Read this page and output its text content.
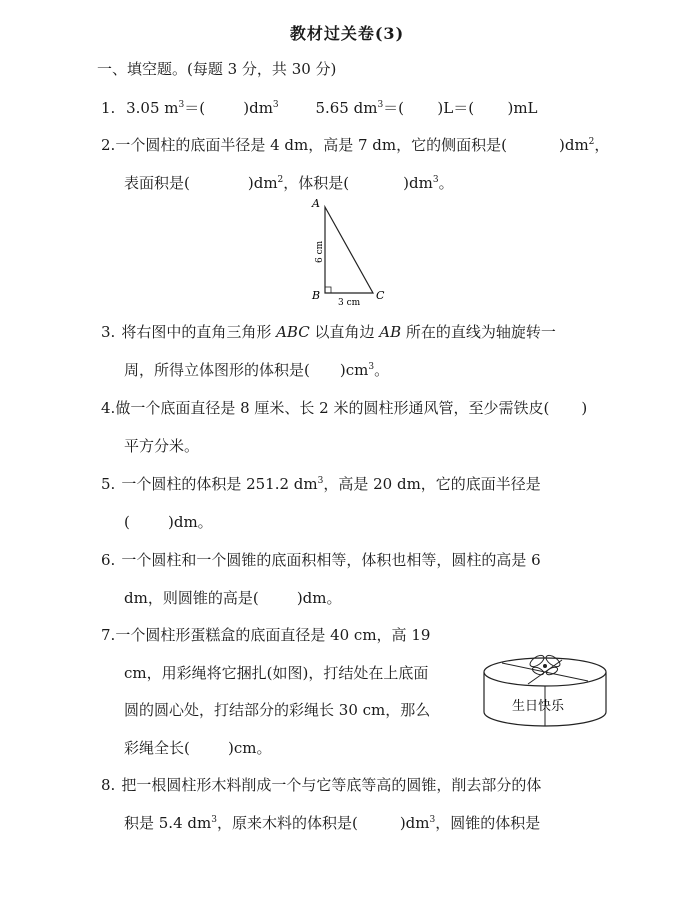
教材过关卷(3)
一、填空题。(每题 3 分，共 30 分)
1. 3.05 $m^3=$(	)$dm^3$ 5.65 $dm^3=$( )L＝( )mL
2.一个圆柱的底面半径是 4 dm，高是 7 dm，它的侧面积是(	)$dm^2$，
表面积是(	)$dm^2$，体积是(	)$dm^3$。
A
B	C
6 cm
3 cm
3. 将右图中的直角三角形 ABC 以直角边 AB 所在的直线为轴旋转一
周，所得立体图形的体积是( )$cm^3$。
4.做一个底面直径是 8 厘米、长 2 米的圆柱形通风管，至少需铁皮( )
平方分米。
5. 一个圆柱的体积是 251.2 $dm^3$，高是 20 dm，它的底面半径是
(        )dm。
6. 一个圆柱和一个圆锥的底面积相等，体积也相等，圆柱的高是 6
dm，则圆锥的高是(        )dm。
7.一个圆柱形蛋糕盒的底面直径是 40 cm，高 19
cm，用彩绳将它捆扎(如图)，打结处在上底面
圆的圆心处，打结部分的彩绳长 30 cm，那么
彩绳全长(        )cm。
生日快乐
8. 把一根圆柱形木料削成一个与它等底等高的圆锥，削去部分的体
积是 5.4 $dm^3$，原来木料的体积是(	)$dm^3$，圆锥的体积是
